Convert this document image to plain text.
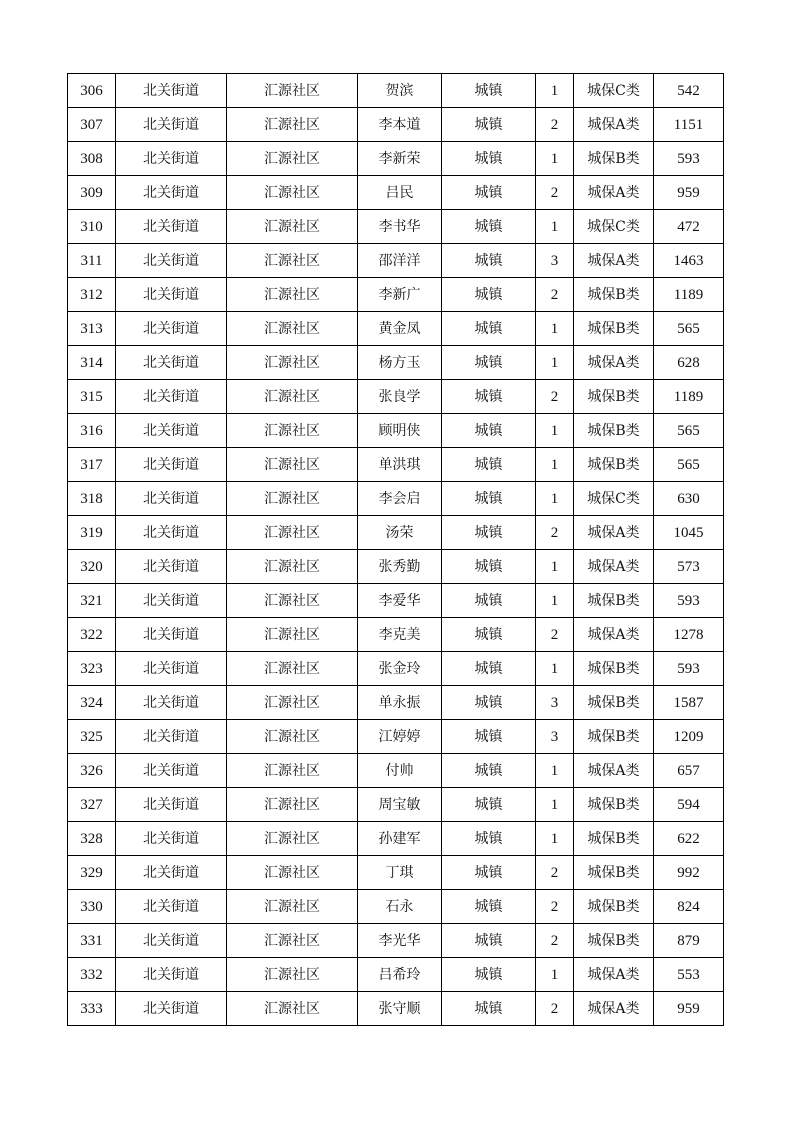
306	北关街道	汇源社区	贺滨	城镇	1	城保C类	542
307	北关街道	汇源社区	李本道	城镇	2	城保A类	1151
308	北关街道	汇源社区	李新荣	城镇	1	城保B类	593
309	北关街道	汇源社区	吕民	城镇	2	城保A类	959
310	北关街道	汇源社区	李书华	城镇	1	城保C类	472
311	北关街道	汇源社区	邵洋洋	城镇	3	城保A类	1463
312	北关街道	汇源社区	李新广	城镇	2	城保B类	1189
313	北关街道	汇源社区	黄金凤	城镇	1	城保B类	565
314	北关街道	汇源社区	杨方玉	城镇	1	城保A类	628
315	北关街道	汇源社区	张良学	城镇	2	城保B类	1189
316	北关街道	汇源社区	顾明侠	城镇	1	城保B类	565
317	北关街道	汇源社区	单洪琪	城镇	1	城保B类	565
318	北关街道	汇源社区	李会启	城镇	1	城保C类	630
319	北关街道	汇源社区	汤荣	城镇	2	城保A类	1045
320	北关街道	汇源社区	张秀勤	城镇	1	城保A类	573
321	北关街道	汇源社区	李爱华	城镇	1	城保B类	593
322	北关街道	汇源社区	李克美	城镇	2	城保A类	1278
323	北关街道	汇源社区	张金玲	城镇	1	城保B类	593
324	北关街道	汇源社区	单永振	城镇	3	城保B类	1587
325	北关街道	汇源社区	江婷婷	城镇	3	城保B类	1209
326	北关街道	汇源社区	付帅	城镇	1	城保A类	657
327	北关街道	汇源社区	周宝敏	城镇	1	城保B类	594
328	北关街道	汇源社区	孙建军	城镇	1	城保B类	622
329	北关街道	汇源社区	丁琪	城镇	2	城保B类	992
330	北关街道	汇源社区	石永	城镇	2	城保B类	824
331	北关街道	汇源社区	李光华	城镇	2	城保B类	879
332	北关街道	汇源社区	吕希玲	城镇	1	城保A类	553
333	北关街道	汇源社区	张守顺	城镇	2	城保A类	959
